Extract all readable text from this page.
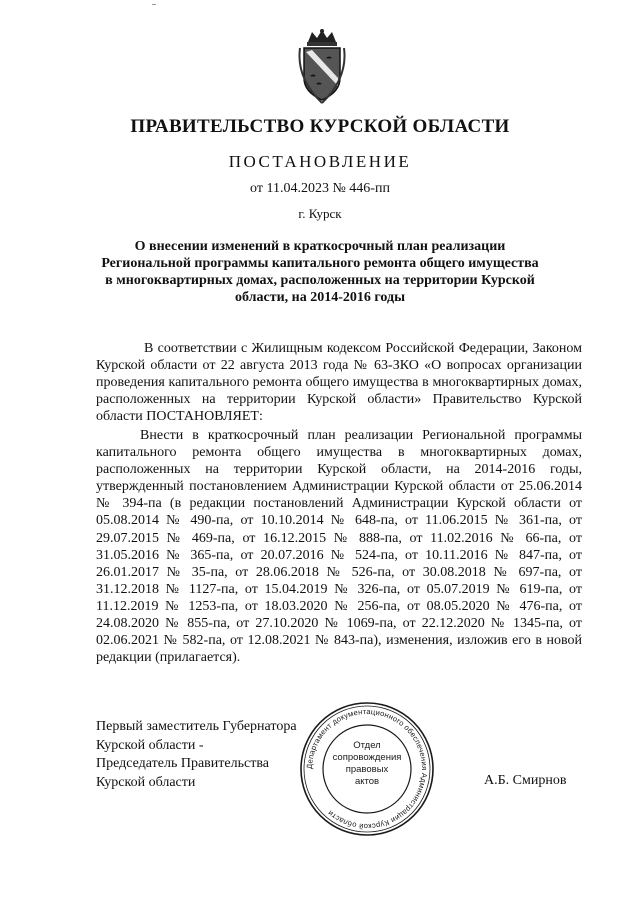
ПРАВИТЕЛЬСТВО КУРСКОЙ ОБЛАСТИ
ПОСТАНОВЛЕНИЕ
от 11.04.2023 № 446-пп
г. Курск
О внесении изменений в краткосрочный план реализации
Региональной программы капитального ремонта общего имущества
в многоквартирных домах, расположенных на территории Курской
области, на 2014-2016 годы

В соответствии с Жилищным кодексом Российской Федерации, Законом Курской области от 22 августа 2013 года № 63-ЗКО «О вопросах организации проведения капитального ремонта общего имущества в многоквартирных домах, расположенных на территории Курской области» Правительство Курской области ПОСТАНОВЛЯЕТ:

Внести в краткосрочный план реализации Региональной программы капитального ремонта общего имущества в многоквартирных домах, расположенных на территории Курской области, на 2014-2016 годы, утвержденный постановлением Администрации Курской области от 25.06.2014 № 394-па (в редакции постановлений Администрации Курской области от 05.08.2014 № 490-па, от 10.10.2014 № 648-па, от 11.06.2015 № 361-па, от 29.07.2015 № 469-па, от 16.12.2015 № 888-па, от 11.02.2016 № 66-па, от 31.05.2016 № 365-па, от 20.07.2016 № 524-па, от 10.11.2016 № 847-па, от 26.01.2017 № 35-па, от 28.06.2018 № 526-па, от 30.08.2018 № 697-па, от 31.12.2018 № 1127-па, от 15.04.2019 № 326-па, от 05.07.2019 № 619-па, от 11.12.2019 № 1253-па, от 18.03.2020 № 256-па, от 08.05.2020 № 476-па, от 24.08.2020 № 855-па, от 27.10.2020 № 1069-па, от 22.12.2020 № 1345-па, от 02.06.2021 № 582-па, от 12.08.2021 № 843-па), изменения, изложив его в новой редакции (прилагается).

Первый заместитель Губернатора
Курской области -
Председатель Правительства
Курской области
Департамент документационного обеспечения Администрации Курской области
Отдел
сопровождения
правовых
актов	А.Б. Смирнов
